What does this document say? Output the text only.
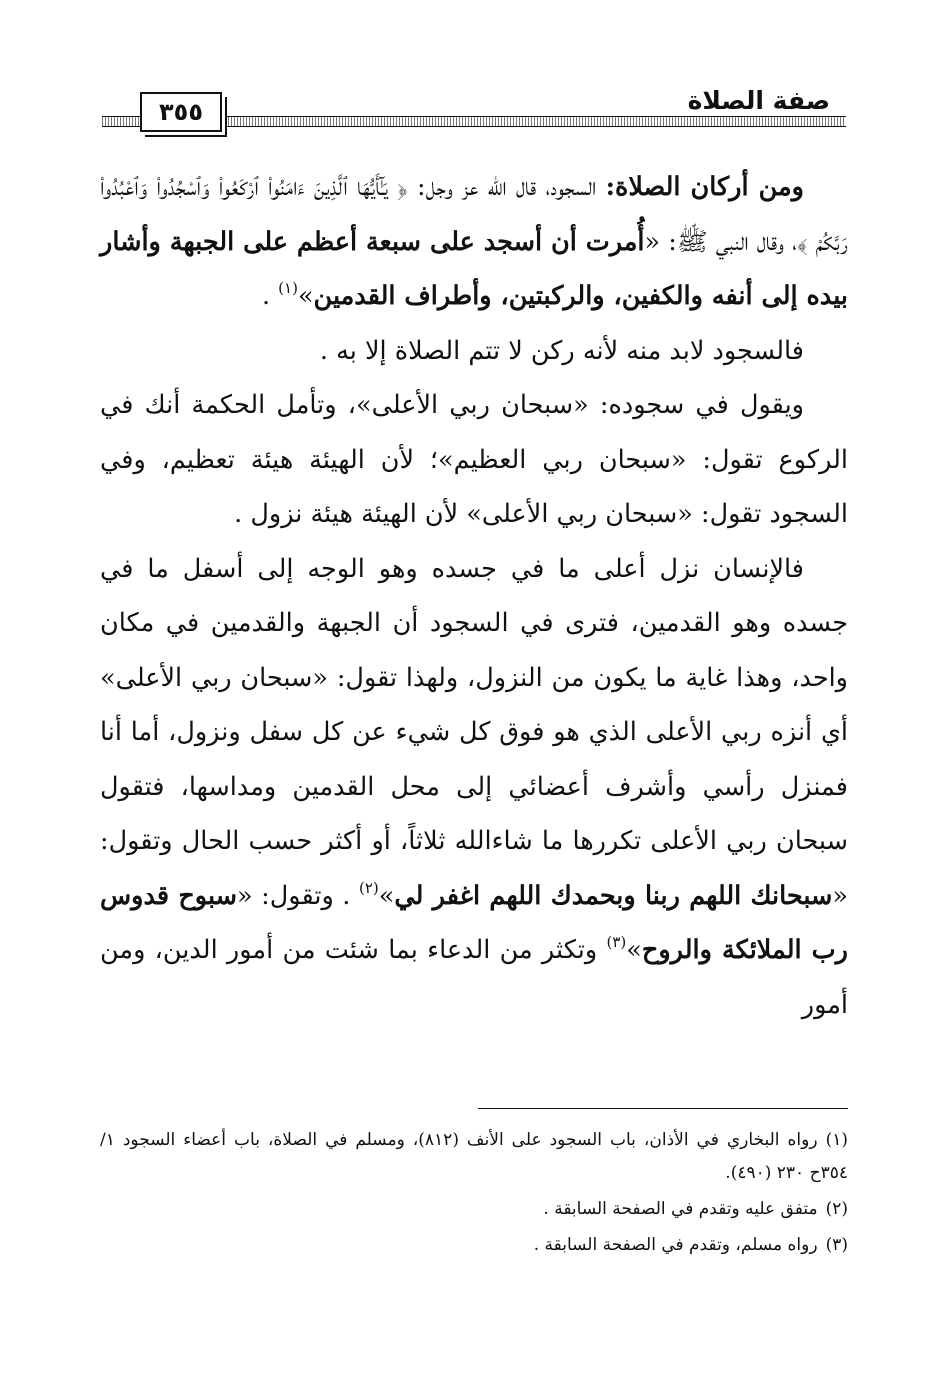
صفة الصلاة
٣٥٥

ومن أركان الصلاة: السجود، قال الله عز وجل: ﴿ يَـٰٓأَيُّهَا ٱلَّذِينَ ءَامَنُواْ ٱرْكَعُواْ وَٱسْجُدُواْ وَٱعْبُدُواْ رَبَّكُمْ ﴾، وقال النبي ﷺ: «أُمرت أن أسجد على سبعة أعظم على الجبهة وأشار بيده إلى أنفه والكفين، والركبتين، وأطراف القدمين»$^{(١)}$ .

فالسجود لابد منه لأنه ركن لا تتم الصلاة إلا به .

ويقول في سجوده: «سبحان ربي الأعلى»، وتأمل الحكمة أنك في الركوع تقول: «سبحان ربي العظيم»؛ لأن الهيئة هيئة تعظيم، وفي السجود تقول: «سبحان ربي الأعلى» لأن الهيئة هيئة نزول .

فالإنسان نزل أعلى ما في جسده وهو الوجه إلى أسفل ما في جسده وهو القدمين، فترى في السجود أن الجبهة والقدمين في مكان واحد، وهذا غاية ما يكون من النزول، ولهذا تقول: «سبحان ربي الأعلى» أي أنزه ربي الأعلى الذي هو فوق كل شيء عن كل سفل ونزول، أما أنا فمنزل رأسي وأشرف أعضائي إلى محل القدمين ومداسها، فتقول سبحان ربي الأعلى تكررها ما شاءالله ثلاثاً، أو أكثر حسب الحال وتقول: «سبحانك اللهم ربنا وبحمدك اللهم اغفر لي»$^{(٢)}$ . وتقول: «سبوح قدوس رب الملائكة والروح»$^{(٣)}$ وتكثر من الدعاء بما شئت من أمور الدين، ومن أمور

(١)رواه البخاري في الأذان، باب السجود على الأنف (٨١٢)، ومسلم في الصلاة، باب أعضاء السجود ١/ ٣٥٤ح ٢٣٠ (٤٩٠).

(٢)متفق عليه وتقدم في الصفحة السابقة .

(٣)رواه مسلم، وتقدم في الصفحة السابقة .
